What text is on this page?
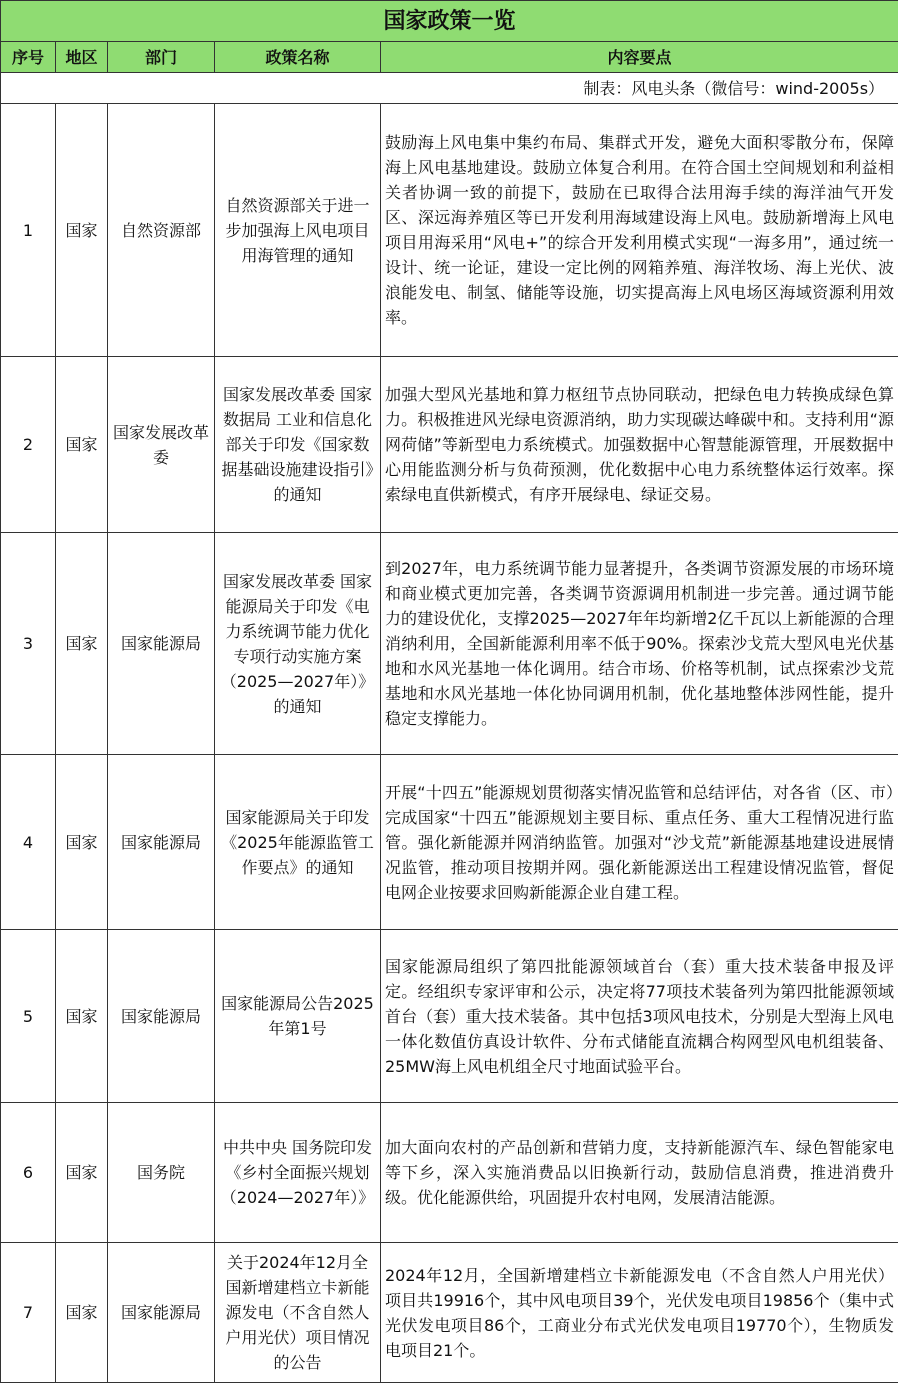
国家政策一览				
序号	地区	部门	政策名称	内容要点
制表：风电头条（微信号：wind-2005s）				
1	国家	自然资源部	自然资源部关于进一步加强海上风电项目用海管理的通知	鼓励海上风电集中集约布局、集群式开发，避免大面积零散分布，保障海上风电基地建设。鼓励立体复合利用。在符合国土空间规划和利益相关者协调一致的前提下，鼓励在已取得合法用海手续的海洋油气开发区、深远海养殖区等已开发利用海域建设海上风电。鼓励新增海上风电项目用海采用“风电+”的综合开发利用模式实现“一海多用”，通过统一设计、统一论证，建设一定比例的网箱养殖、海洋牧场、海上光伏、波浪能发电、制氢、储能等设施，切实提高海上风电场区海域资源利用效率。
2	国家	国家发展改革委	国家发展改革委 国家数据局 工业和信息化部关于印发《国家数据基础设施建设指引》的通知	加强大型风光基地和算力枢纽节点协同联动，把绿色电力转换成绿色算力。积极推进风光绿电资源消纳，助力实现碳达峰碳中和。支持利用“源网荷储”等新型电力系统模式。加强数据中心智慧能源管理，开展数据中心用能监测分析与负荷预测，优化数据中心电力系统整体运行效率。探索绿电直供新模式，有序开展绿电、绿证交易。
3	国家	国家能源局	国家发展改革委 国家能源局关于印发《电力系统调节能力优化专项行动实施方案（2025—2027年）》的通知	到2027年，电力系统调节能力显著提升，各类调节资源发展的市场环境和商业模式更加完善，各类调节资源调用机制进一步完善。通过调节能力的建设优化，支撑2025—2027年年均新增2亿千瓦以上新能源的合理消纳利用，全国新能源利用率不低于90%。探索沙戈荒大型风电光伏基地和水风光基地一体化调用。结合市场、价格等机制，试点探索沙戈荒基地和水风光基地一体化协同调用机制，优化基地整体涉网性能，提升稳定支撑能力。
4	国家	国家能源局	国家能源局关于印发《2025年能源监管工作要点》的通知	开展“十四五”能源规划贯彻落实情况监管和总结评估，对各省（区、市）完成国家“十四五”能源规划主要目标、重点任务、重大工程情况进行监管。强化新能源并网消纳监管。加强对“沙戈荒”新能源基地建设进展情况监管，推动项目按期并网。强化新能源送出工程建设情况监管，督促电网企业按要求回购新能源企业自建工程。
5	国家	国家能源局	国家能源局公告2025年第1号	国家能源局组织了第四批能源领域首台（套）重大技术装备申报及评定。经组织专家评审和公示，决定将77项技术装备列为第四批能源领域首台（套）重大技术装备。其中包括3项风电技术，分别是大型海上风电一体化数值仿真设计软件、分布式储能直流耦合构网型风电机组装备、25MW海上风电机组全尺寸地面试验平台。
6	国家	国务院	中共中央 国务院印发《乡村全面振兴规划（2024—2027年）》	加大面向农村的产品创新和营销力度，支持新能源汽车、绿色智能家电等下乡，深入实施消费品以旧换新行动，鼓励信息消费，推进消费升级。优化能源供给，巩固提升农村电网，发展清洁能源。
7	国家	国家能源局	关于2024年12月全国新增建档立卡新能源发电（不含自然人户用光伏）项目情况的公告	2024年12月，全国新增建档立卡新能源发电（不含自然人户用光伏）项目共19916个，其中风电项目39个，光伏发电项目19856个（集中式光伏发电项目86个，工商业分布式光伏发电项目19770个），生物质发电项目21个。
